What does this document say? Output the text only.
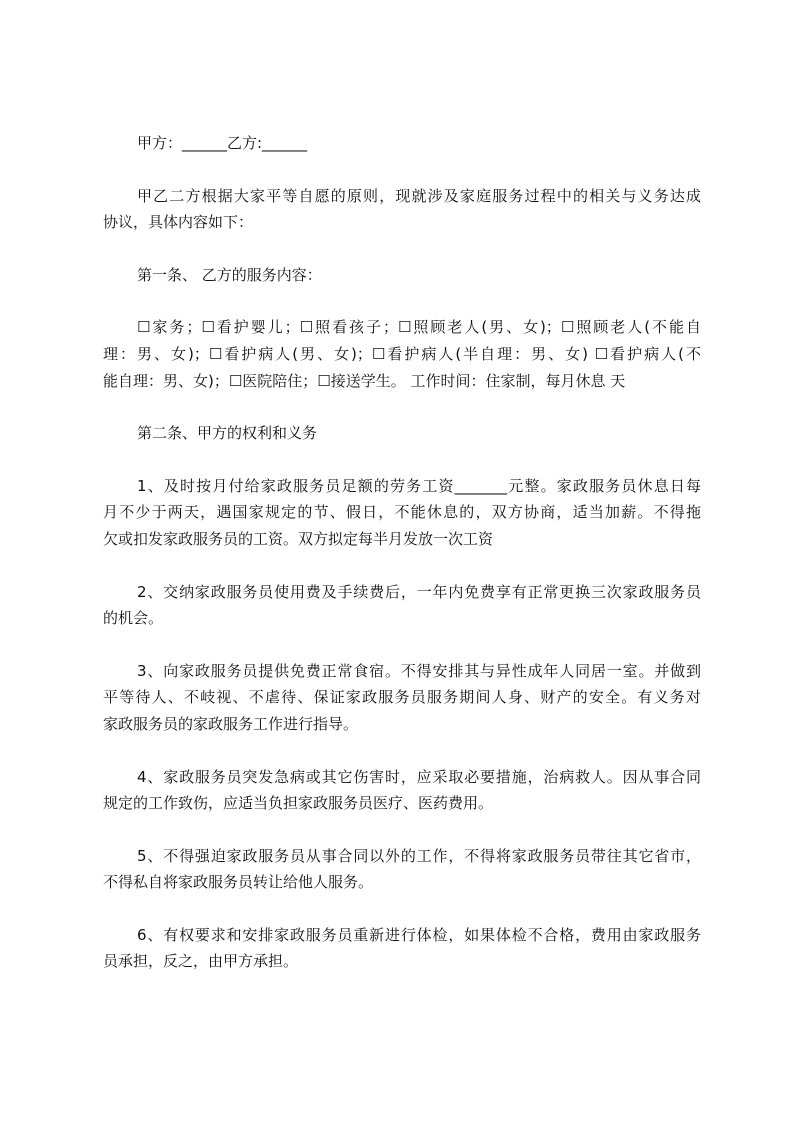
甲方：______乙方:______
甲乙二方根据大家平等自愿的原则，现就涉及家庭服务过程中的相关与义务达成
协议，具体内容如下：
第一条、 乙方的服务内容：
☐家务；☐看护婴儿；☐照看孩子；☐照顾老人(男、女)；☐照顾老人(不能自
理：男、女)；☐看护病人(男、女)；☐看护病人(半自理：男、女) ☐看护病人(不
能自理：男、女)；☐医院陪住；☐接送学生。 工作时间：住家制，每月休息 天
第二条、甲方的权利和义务
1、及时按月付给家政服务员足额的劳务工资_______元整。家政服务员休息日每
月不少于两天，遇国家规定的节、假日，不能休息的，双方协商，适当加薪。不得拖
欠或扣发家政服务员的工资。双方拟定每半月发放一次工资
2、交纳家政服务员使用费及手续费后，一年内免费享有正常更换三次家政服务员
的机会。
3、向家政服务员提供免费正常食宿。不得安排其与异性成年人同居一室。并做到
平等待人、不岐视、不虐待、保证家政服务员服务期间人身、财产的安全。有义务对
家政服务员的家政服务工作进行指导。
4、家政服务员突发急病或其它伤害时，应采取必要措施，治病救人。因从事合同
规定的工作致伤，应适当负担家政服务员医疗、医药费用。
5、不得强迫家政服务员从事合同以外的工作，不得将家政服务员带往其它省市，
不得私自将家政服务员转让给他人服务。
6、有权要求和安排家政服务员重新进行体检，如果体检不合格，费用由家政服务
员承担，反之，由甲方承担。
